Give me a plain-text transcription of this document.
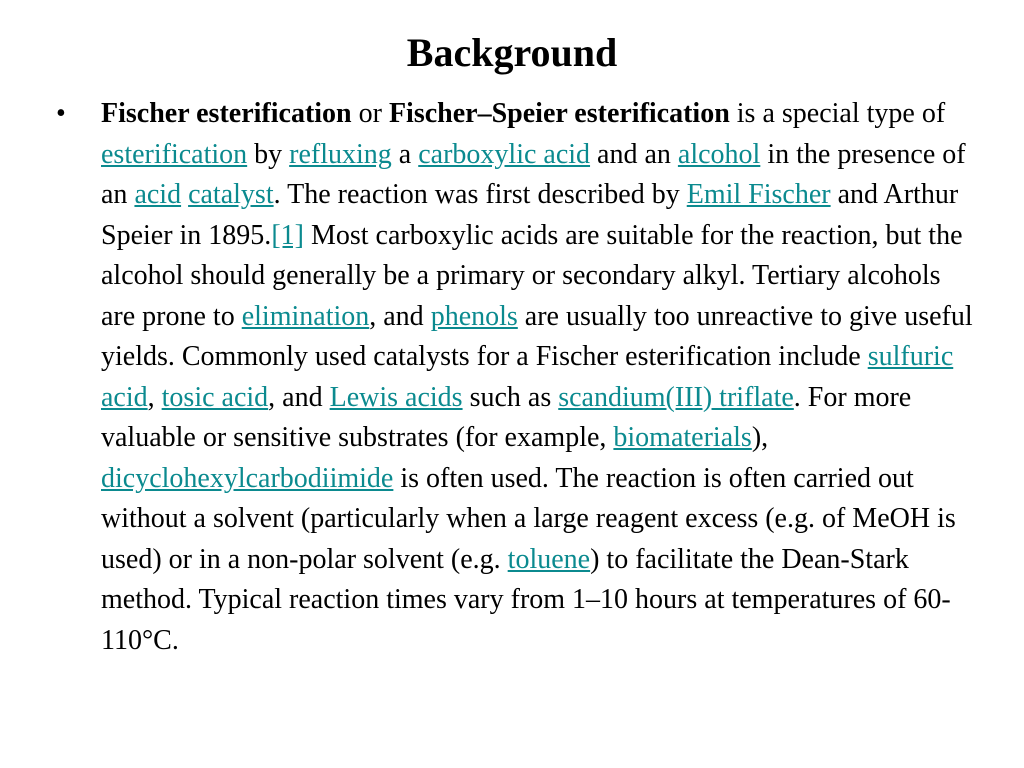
Background
• Fischer esterification or Fischer–Speier esterification is a special type of esterification by refluxing a carboxylic acid and an alcohol in the presence of an acid catalyst. The reaction was first described by Emil Fischer and Arthur Speier in 1895.[1] Most carboxylic acids are suitable for the reaction, but the alcohol should generally be a primary or secondary alkyl. Tertiary alcohols are prone to elimination, and phenols are usually too unreactive to give useful yields. Commonly used catalysts for a Fischer esterification include sulfuric acid, tosic acid, and Lewis acids such as scandium(III) triflate. For more valuable or sensitive substrates (for example, biomaterials), dicyclohexylcarbodiimide is often used. The reaction is often carried out without a solvent (particularly when a large reagent excess (e.g. of MeOH is used) or in a non-polar solvent (e.g. toluene) to facilitate the Dean-Stark method. Typical reaction times vary from 1–10 hours at temperatures of 60-110°C.
